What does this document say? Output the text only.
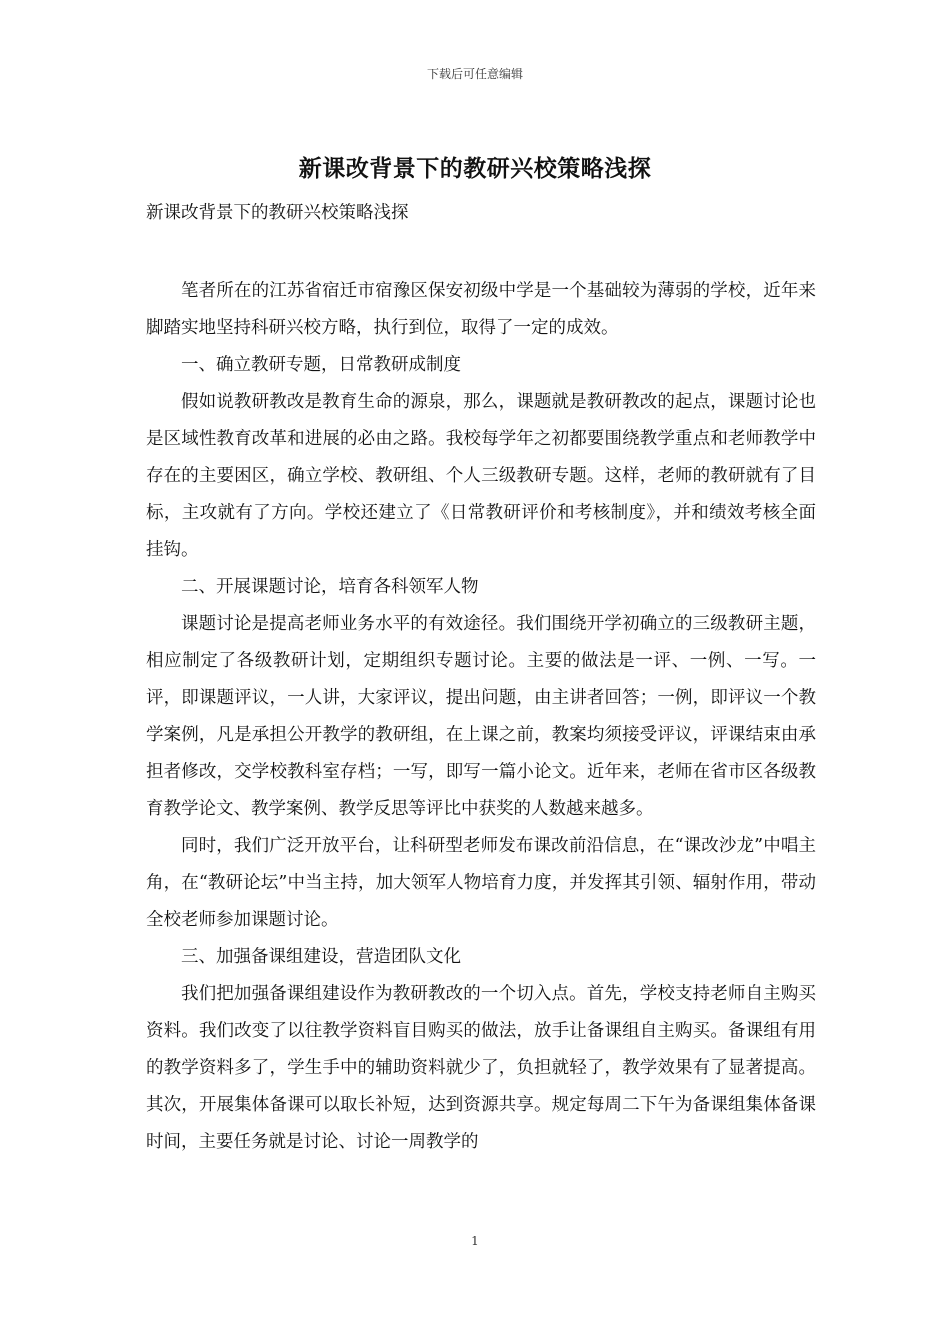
下载后可任意编辑
新课改背景下的教研兴校策略浅探
新课改背景下的教研兴校策略浅探

笔者所在的江苏省宿迁市宿豫区保安初级中学是一个基础较为薄弱的学校，近年来脚踏实地坚持科研兴校方略，执行到位，取得了一定的成效。

一、确立教研专题，日常教研成制度

假如说教研教改是教育生命的源泉，那么，课题就是教研教改的起点，课题讨论也是区域性教育改革和进展的必由之路。我校每学年之初都要围绕教学重点和老师教学中存在的主要困区，确立学校、教研组、个人三级教研专题。这样，老师的教研就有了目标，主攻就有了方向。学校还建立了《日常教研评价和考核制度》，并和绩效考核全面挂钩。

二、开展课题讨论，培育各科领军人物

课题讨论是提高老师业务水平的有效途径。我们围绕开学初确立的三级教研主题，相应制定了各级教研计划，定期组织专题讨论。主要的做法是一评、一例、一写。一评，即课题评议，一人讲，大家评议，提出问题，由主讲者回答；一例，即评议一个教学案例，凡是承担公开教学的教研组，在上课之前，教案均须接受评议，评课结束由承担者修改，交学校教科室存档；一写，即写一篇小论文。近年来，老师在省市区各级教育教学论文、教学案例、教学反思等评比中获奖的人数越来越多。

同时，我们广泛开放平台，让科研型老师发布课改前沿信息，在“课改沙龙”中唱主角，在“教研论坛”中当主持，加大领军人物培育力度，并发挥其引领、辐射作用，带动全校老师参加课题讨论。

三、加强备课组建设，营造团队文化

我们把加强备课组建设作为教研教改的一个切入点。首先，学校支持老师自主购买资料。我们改变了以往教学资料盲目购买的做法，放手让备课组自主购买。备课组有用的教学资料多了，学生手中的辅助资料就少了，负担就轻了，教学效果有了显著提高。其次，开展集体备课可以取长补短，达到资源共享。规定每周二下午为备课组集体备课时间，主要任务就是讨论、讨论一周教学的

1
